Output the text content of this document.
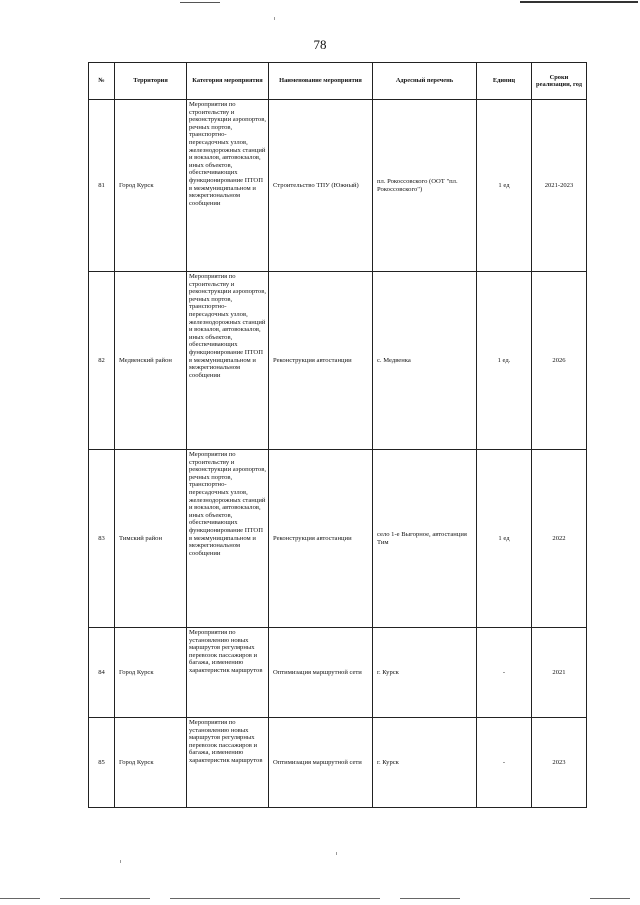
78
№	Территория	Категория мероприятия	Наименование мероприятия	Адресный перечень	Единиц	Сроки реализации, год
81	Город Курск	Мероприятия по строительству и реконструкции аэропортов, речных портов, транспортно-пересадочных узлов, железнодорожных станций и вокзалов, автовокзалов, иных объектов, обеспечивающих функционирование ПТОП в межмуниципальном и межрегиональном сообщении	Строительство ТПУ (Южный)	пл. Рокоссовского (ООТ "пл. Рокоссовского")	1 ед	2021-2023
82	Медвенский район	Мероприятия по строительству и реконструкции аэропортов, речных портов, транспортно-пересадочных узлов, железнодорожных станций и вокзалов, автовокзалов, иных объектов, обеспечивающих функционирование ПТОП в межмуниципальном и межрегиональном сообщении	Реконструкция автостанции	с. Медвенка	1 ед.	2026
83	Тимский район	Мероприятия по строительству и реконструкции аэропортов, речных портов, транспортно-пересадочных узлов, железнодорожных станций и вокзалов, автовокзалов, иных объектов, обеспечивающих функционирование ПТОП в межмуниципальном и межрегиональном сообщении	Реконструкция автостанции	село 1-е Выгорное, автостанция Тим	1 ед	2022
84	Город Курск	Мероприятия по установлению новых маршрутов регулярных перевозок пассажиров и багажа, изменению характеристик маршрутов	Оптимизация маршрутной сети	г. Курск	-	2021
85	Город Курск	Мероприятия по установлению новых маршрутов регулярных перевозок пассажиров и багажа, изменению характеристик маршрутов	Оптимизация маршрутной сети	г. Курск	-	2023
